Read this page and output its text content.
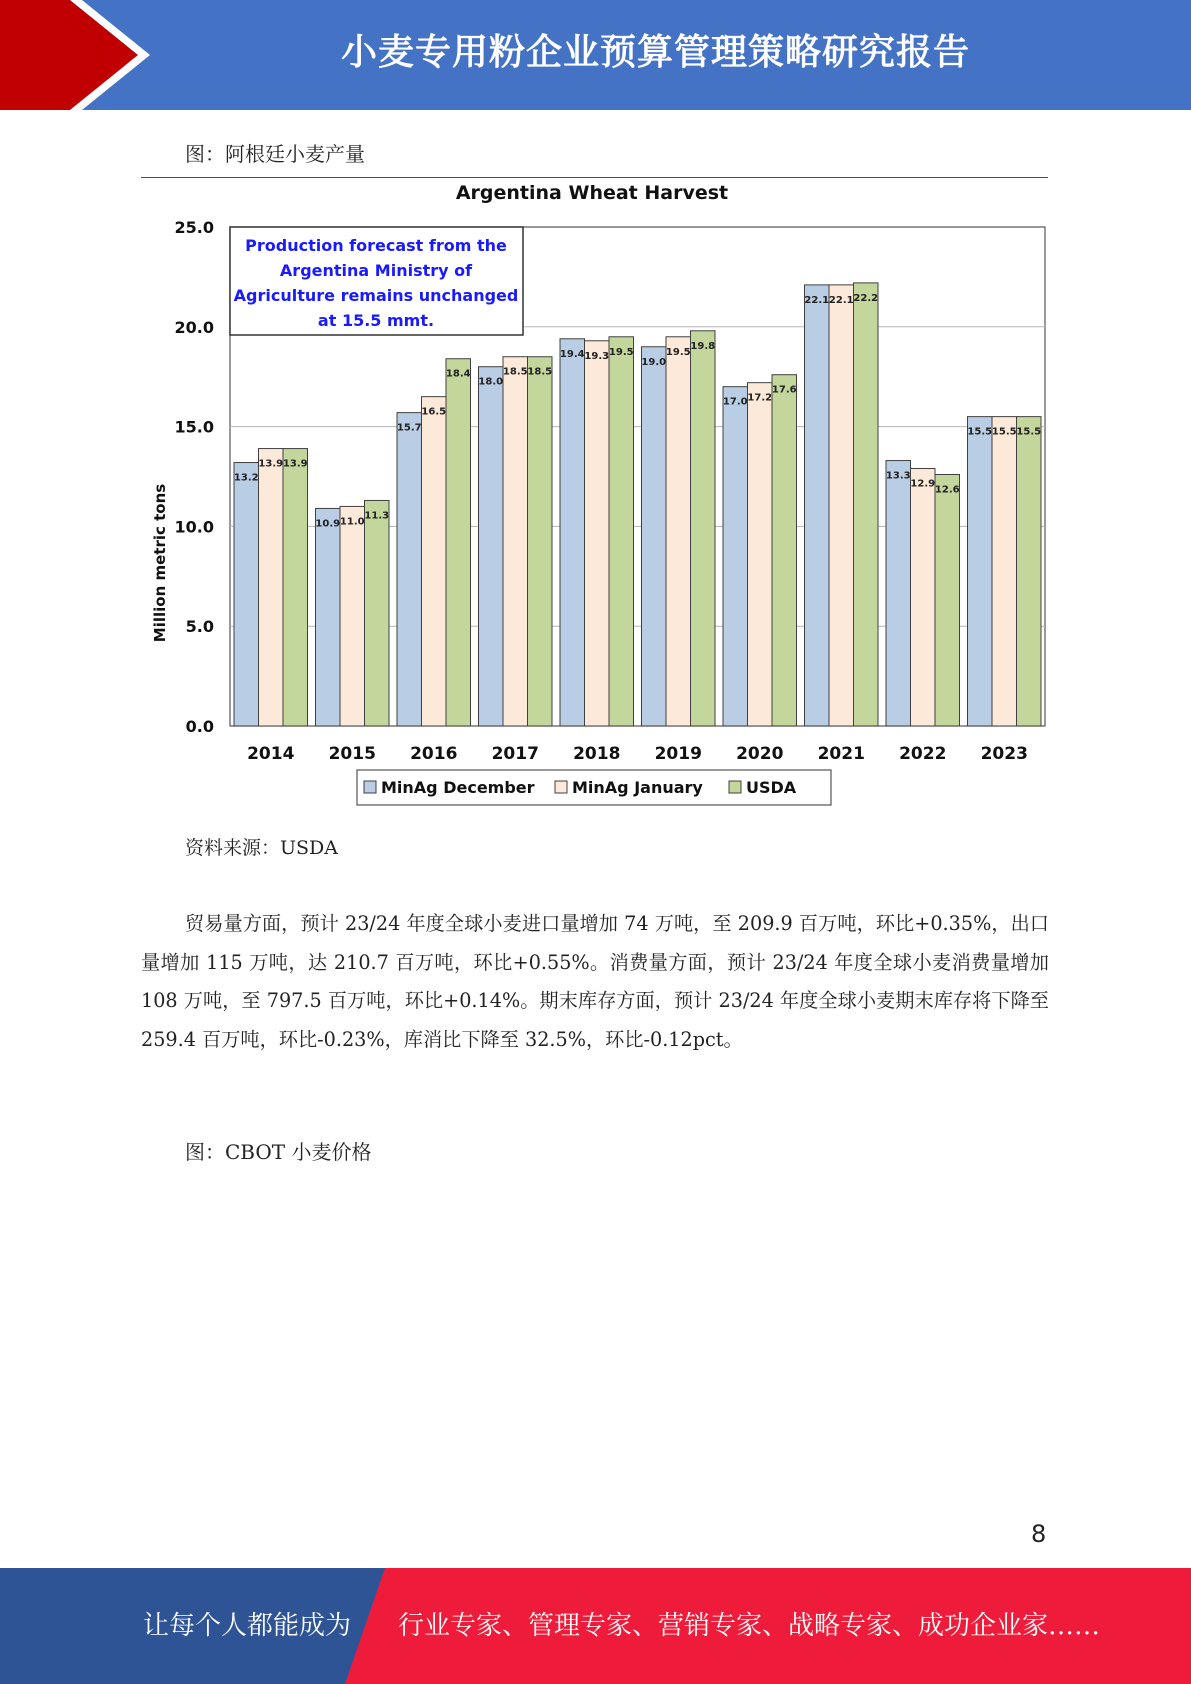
小麦专用粉企业预算管理策略研究报告
图：阿根廷小麦产量
Argentina Wheat Harvest
Million metric tons
13.2
13.9 13.9
10.9 11.0
11.3
15.7
16.5
18.4
18.0
18.5 18.5
19.4 19.3 19.5
19.0
19.5
19.8
17.0 17.2
17.6
22.1 22.1 22.2
13.3
12.9
12.6
15.5 15.5 15.5
2014 2015 2016 2017 2018 2019 2020 2021 2022 2023
0.0
5.0
10.0
15.0
20.0
25.0
Production forecast from the
Argentina Ministry of
Agriculture remains unchanged
at 15.5 mmt.
MinAg December MinAg January	USDA
资料来源：USDA
贸易量方面，预计 23/24 年度全球小麦进口量增加 74 万吨，至 209.9 百万吨，环比+0.35%，出口量增加 115 万吨，达 210.7 百万吨，环比+0.55%。消费量方面，预计 23/24 年度全球小麦消费量增加 108 万吨，至 797.5 百万吨，环比+0.14%。期末库存方面，预计 23/24 年度全球小麦期末库存将下降至 259.4 百万吨，环比-0.23%，库消比下降至 32.5%，环比-0.12pct。
图：CBOT 小麦价格
8
让每个人都能成为 行业专家、管理专家、营销专家、战略专家、成功企业家……
